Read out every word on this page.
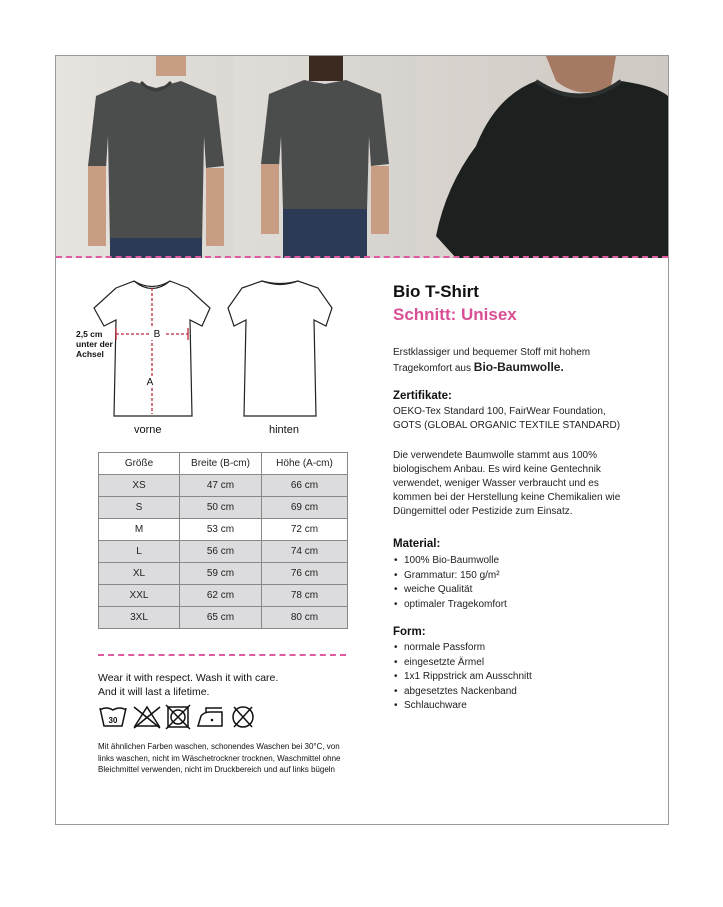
B
A
2,5 cm unter der Achsel
vorne	hinten
Größe	Breite (B-cm)	Höhe (A-cm)
XS	47 cm	66 cm
S	50 cm	69 cm
M	53 cm	72 cm
L	56 cm	74 cm
XL	59 cm	76 cm
XXL	62 cm	78 cm
3XL	65 cm	80 cm
Wear it with respect. Wash it with care.
And it will last a lifetime.
30
Mit ähnlichen Farben waschen, schonendes Waschen bei 30°C, von links waschen, nicht im Wäschetrockner trocknen, Waschmittel ohne Bleichmittel verwenden, nicht im Druckbereich und auf links bügeln
Bio T-Shirt
Schnitt: Unisex
Erstklassiger und bequemer Stoff mit hohem Tragekomfort aus Bio-Baumwolle.
Zertifikate:
OEKO-Tex Standard 100, FairWear Foundation, GOTS (GLOBAL ORGANIC TEXTILE STANDARD)
Die verwendete Baumwolle stammt aus 100% biologischem Anbau. Es wird keine Gentechnik verwendet, weniger Wasser verbraucht und es kommen bei der Herstellung keine Chemikalien wie Düngemittel oder Pestizide zum Einsatz.
Material:
• 100% Bio-Baumwolle
• Grammatur: 150 g/m²
• weiche Qualität
• optimaler Tragekomfort
Form:
• normale Passform
• eingesetzte Ärmel
• 1x1 Rippstrick am Ausschnitt
• abgesetztes Nackenband
• Schlauchware
